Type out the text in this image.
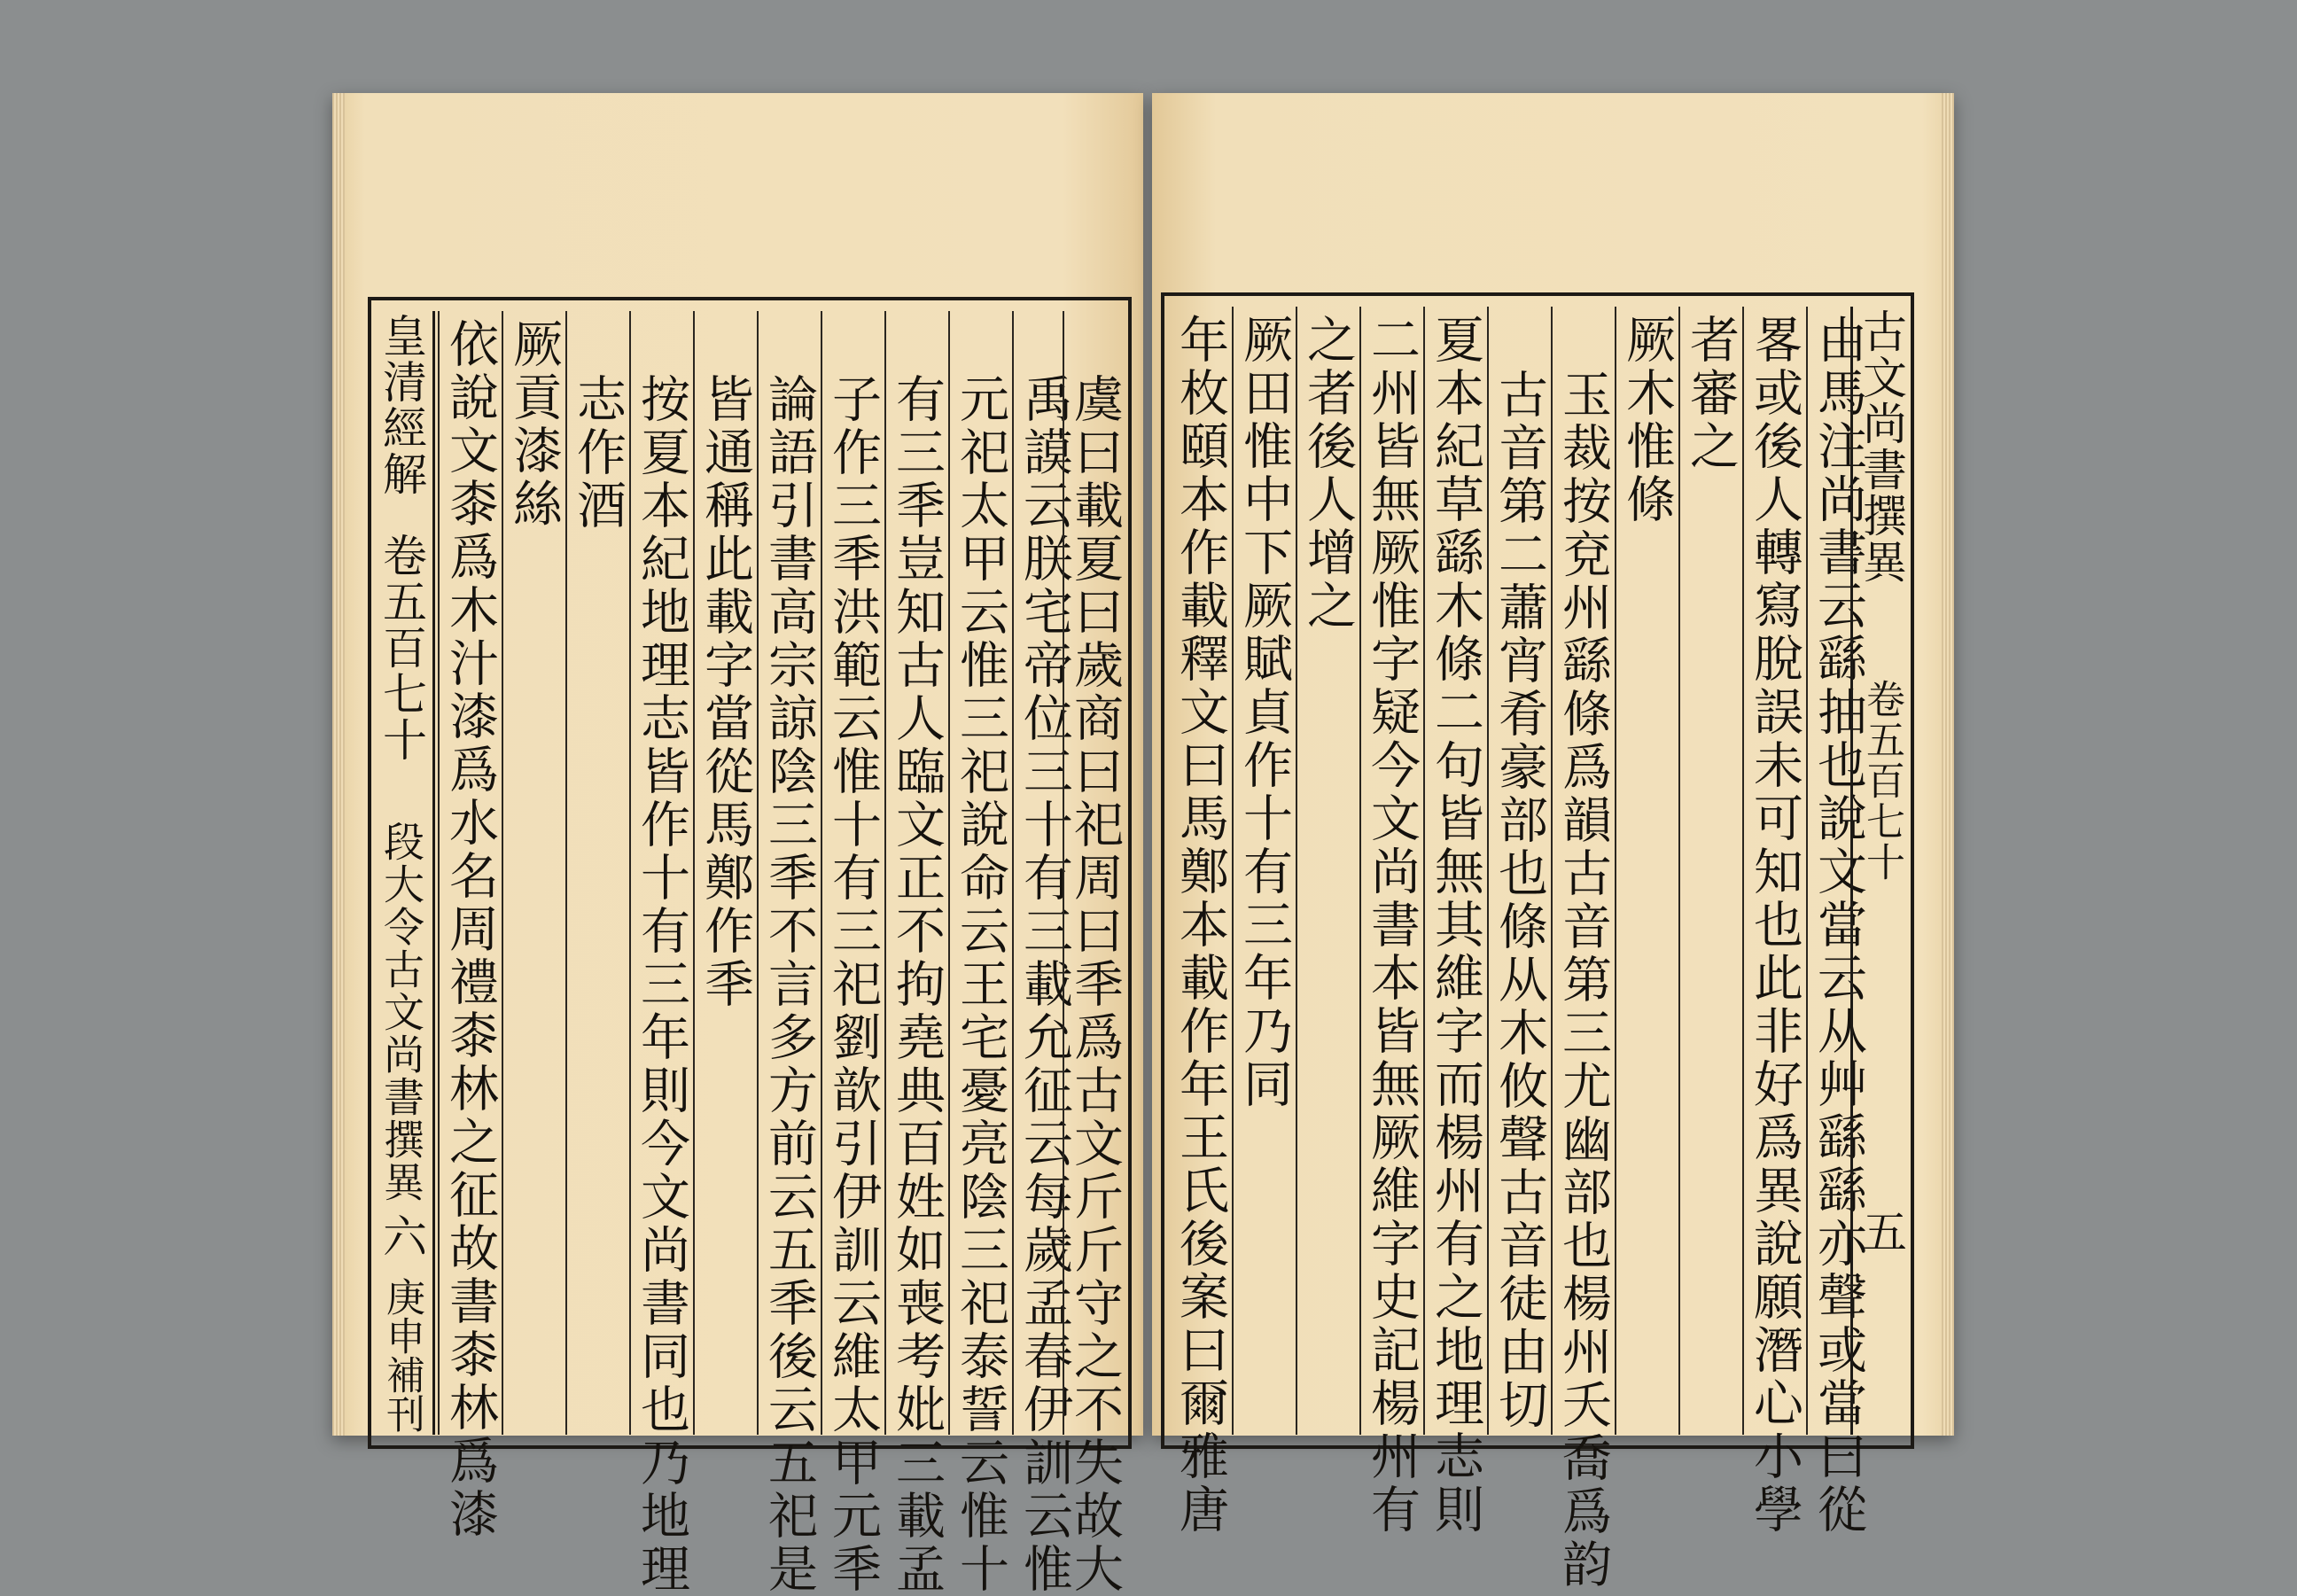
皇清經解
卷五百七十
段大令古文尚書撰異
六
庚申補刊 依說文桼爲木汁漆爲水名周禮桼林之征故書桼林爲漆 厥貢漆絲 志作酒 按夏本紀地理志皆作十有三年則今文尚書同也乃地理 皆通稱此載字當從馬鄭作秊 論語引書高宗諒陰三秊不言多方前云五秊後云五祀是 子作三秊洪範云惟十有三祀劉歆引伊訓云維太甲元秊 有三秊豈知古人臨文正不拘堯典百姓如喪考妣三載孟 元祀太甲云惟三祀說命云王宅憂亮陰三祀泰誓云惟十 禹謨云朕宅帝位三十有三載允征云每歲孟春伊訓云惟
虞曰載夏曰歲商曰祀周曰秊爲古文斤斤守之不失故大 年枚頤本作載釋文曰馬鄭本載作年王氏後案曰爾雅唐 厥田惟中下厥賦貞作十有三年乃同 之者後人增之 二州皆無厥惟字疑今文尚書本皆無厥維字史記楊州有 夏本紀草繇木條二句皆無其維字而楊州有之地理志則 古音第二蕭宵肴豪部也條从木攸聲古音徒由切 玉裁按兗州繇條爲韻古音第三尤幽部也楊州夭喬爲韵 厥木惟條 者審之 畧或後人轉寫脫誤未可知也此非好爲異說願潛心小學 由馬注尚書云繇抽也說文當云从艸繇繇亦聲或當曰從
古文尚書撰異
卷五百七十
五
